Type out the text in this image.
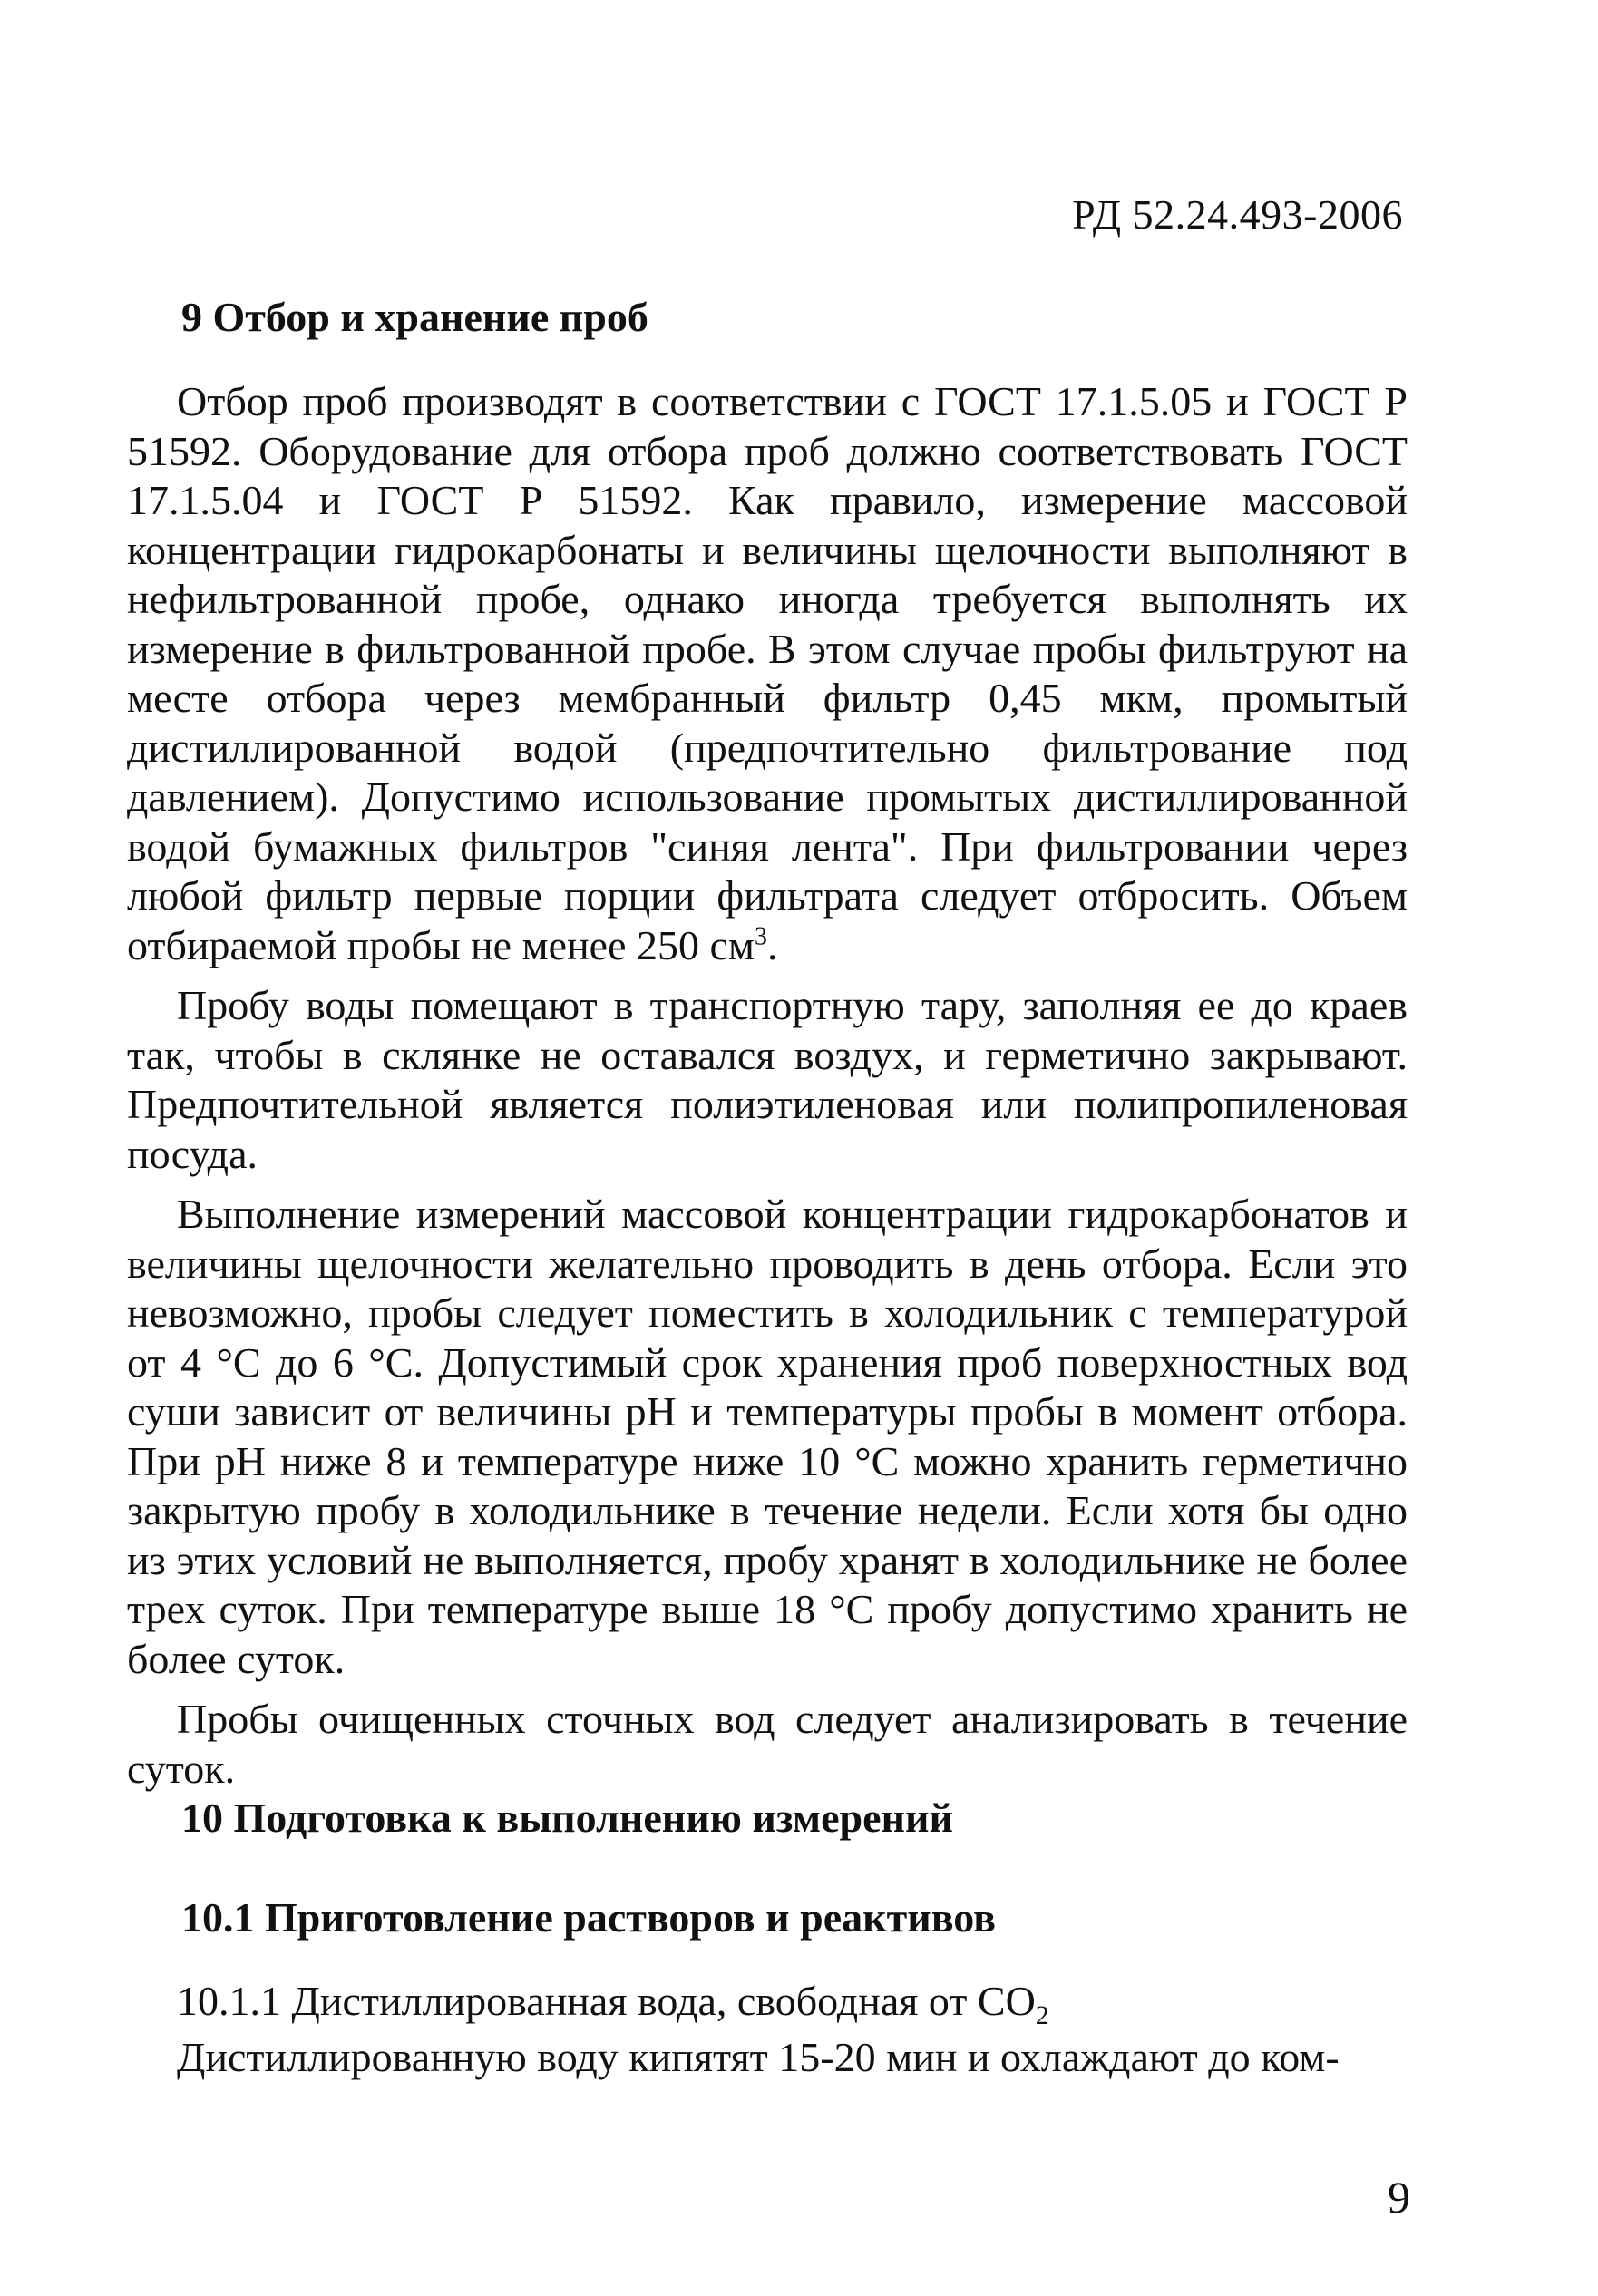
РД 52.24.493-2006
9 Отбор и хранение проб

Отбор проб производят в соответствии с ГОСТ 17.1.5.05 и ГОСТ Р 51592. Оборудование для отбора проб должно соответствовать ГОСТ 17.1.5.04 и ГОСТ Р 51592. Как правило, измерение массовой концентрации гидрокарбонаты и величины щелочности выполняют в нефильтрованной пробе, однако иногда требуется выполнять их измерение в фильтрованной пробе. В этом случае пробы фильтруют на месте отбора через мембранный фильтр 0,45 мкм, промытый дистиллированной водой (предпочтительно фильтрование под давлением). Допустимо использование промытых дистиллированной водой бумажных фильтров "синяя лента". При фильтровании через любой фильтр первые порции фильтрата следует отбросить. Объем отбираемой пробы не менее 250 $см^3$.

Пробу воды помещают в транспортную тару, заполняя ее до краев так, чтобы в склянке не оставался воздух, и герметично закрывают. Предпочтительной является полиэтиленовая или полипропиленовая посуда.

Выполнение измерений массовой концентрации гидрокарбонатов и величины щелочности желательно проводить в день отбора. Если это невозможно, пробы следует поместить в холодильник с температурой от 4 °С до 6 °С. Допустимый срок хранения проб поверхностных вод суши зависит от величины pH и температуры пробы в момент отбора. При pH ниже 8 и температуре ниже 10 °С можно хранить герметично закрытую пробу в холодильнике в течение недели. Если хотя бы одно из этих условий не выполняется, пробу хранят в холодильнике не более трех суток. При температуре выше 18 °С пробу допустимо хранить не более суток.

Пробы очищенных сточных вод следует анализировать в течение суток.

10 Подготовка к выполнению измерений
10.1 Приготовление растворов и реактивов
10.1.1 Дистиллированная вода, свободная от $CO_2$
Дистиллированную воду кипятят 15-20 мин и охлаждают до ком-
9
